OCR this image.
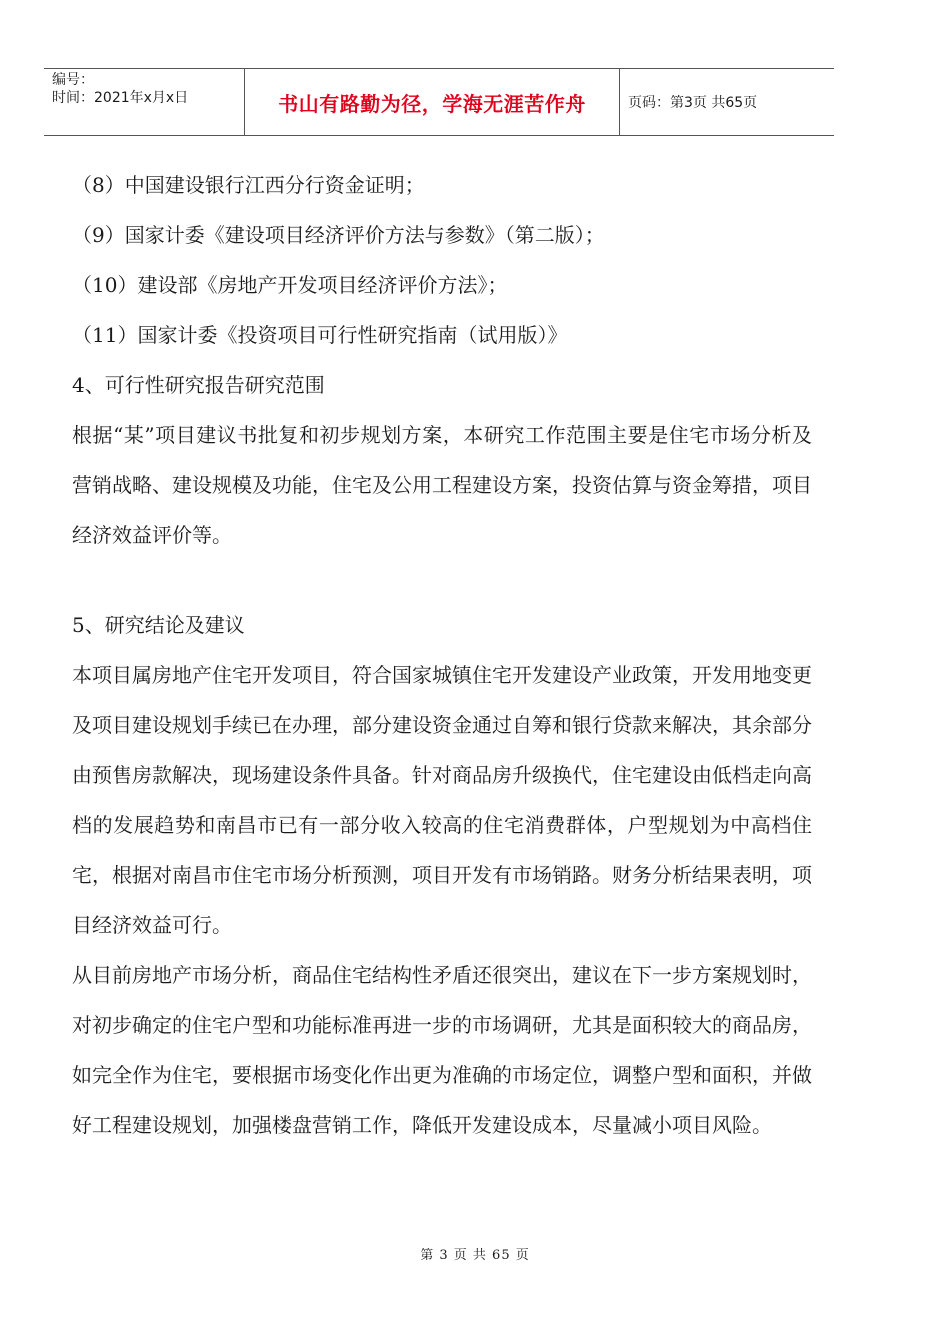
编号：
时间：2021年x月x日	书山有路勤为径，学海无涯苦作舟	页码：第3页 共65页

（8）中国建设银行江西分行资金证明；

（9）国家计委《建设项目经济评价方法与参数》（第二版）；

（10）建设部《房地产开发项目经济评价方法》；

（11）国家计委《投资项目可行性研究指南（试用版）》

4、可行性研究报告研究范围

根据“某”项目建议书批复和初步规划方案，本研究工作范围主要是住宅市场分析及营销战略、建设规模及功能，住宅及公用工程建设方案，投资估算与资金筹措，项目经济效益评价等。

5、研究结论及建议

本项目属房地产住宅开发项目，符合国家城镇住宅开发建设产业政策，开发用地变更及项目建设规划手续已在办理，部分建设资金通过自筹和银行贷款来解决，其余部分由预售房款解决，现场建设条件具备。针对商品房升级换代，住宅建设由低档走向高档的发展趋势和南昌市已有一部分收入较高的住宅消费群体，户型规划为中高档住宅，根据对南昌市住宅市场分析预测，项目开发有市场销路。财务分析结果表明，项目经济效益可行。

从目前房地产市场分析，商品住宅结构性矛盾还很突出，建议在下一步方案规划时，对初步确定的住宅户型和功能标准再进一步的市场调研，尤其是面积较大的商品房，如完全作为住宅，要根据市场变化作出更为准确的市场定位，调整户型和面积，并做好工程建设规划，加强楼盘营销工作，降低开发建设成本，尽量减小项目风险。

第 3 页 共 65 页
